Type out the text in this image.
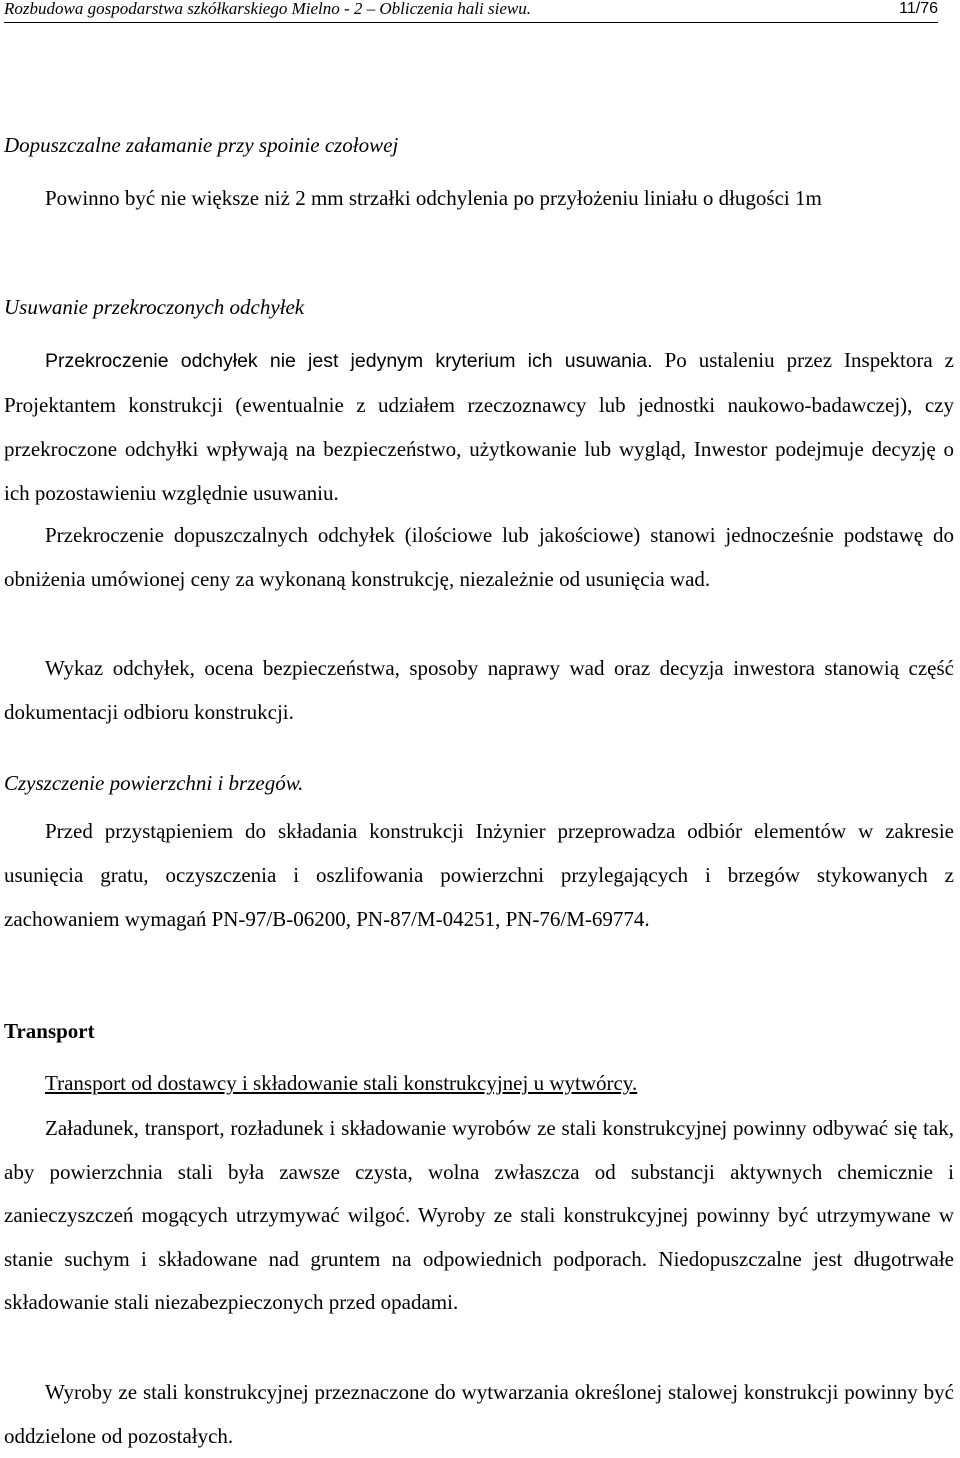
Rozbudowa gospodarstwa szkółkarskiego Mielno - 2 – Obliczenia hali siewu.	11/76

Dopuszczalne załamanie przy spoinie czołowej

Powinno być nie większe niż 2 mm strzałki odchylenia po przyłożeniu liniału o długości 1m

Usuwanie przekroczonych odchyłek

Przekroczenie odchyłek nie jest jedynym kryterium ich usuwania. Po ustaleniu przez Inspektora z Projektantem konstrukcji (ewentualnie z udziałem rzeczoznawcy lub jednostki naukowo-badawczej), czy przekroczone odchyłki wpływają na bezpieczeństwo, użytkowanie lub wygląd, Inwestor podejmuje decyzję o ich pozostawieniu względnie usuwaniu.

Przekroczenie dopuszczalnych odchyłek (ilościowe lub jakościowe) stanowi jednocześnie podstawę do obniżenia umówionej ceny za wykonaną konstrukcję, niezależnie od usunięcia wad.

Wykaz odchyłek, ocena bezpieczeństwa, sposoby naprawy wad oraz decyzja inwestora stanowią część dokumentacji odbioru konstrukcji.

Czyszczenie powierzchni i brzegów.

Przed przystąpieniem do składania konstrukcji Inżynier przeprowadza odbiór elementów w zakresie usunięcia gratu, oczyszczenia i oszlifowania powierzchni przylegających i brzegów stykowanych z zachowaniem wymagań PN-97/B-06200, PN-87/M-04251, PN-76/M-69774.

Transport

Transport od dostawcy i składowanie stali konstrukcyjnej u wytwórcy.

Załadunek, transport, rozładunek i składowanie wyrobów ze stali konstrukcyjnej powinny odbywać się tak, aby powierzchnia stali była zawsze czysta, wolna zwłaszcza od substancji aktywnych chemicznie i zanieczyszczeń mogących utrzymywać wilgoć. Wyroby ze stali konstrukcyjnej powinny być utrzymywane w stanie suchym i składowane nad gruntem na odpowiednich podporach. Niedopuszczalne jest długotrwałe składowanie stali niezabezpieczonych przed opadami.

Wyroby ze stali konstrukcyjnej przeznaczone do wytwarzania określonej stalowej konstrukcji powinny być oddzielone od pozostałych.
